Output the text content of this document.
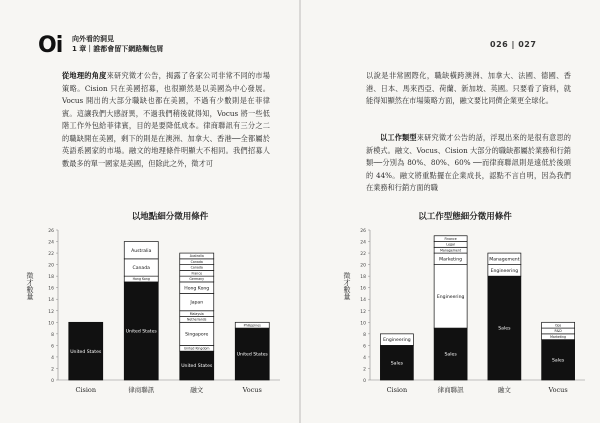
Oi 向外看的洞見
1 章｜誰都會留下網路麵包屑	026 | 027
從地理的角度來研究徵才公告，揭露了各家公司非常不同的市場策略。Cision 只在美國招募，也很顯然是以美國為中心發展。Vocus 開出的大部分職缺也都在美國，不過有少數則是在菲律賓。這讓我們大感訝異，不過我們稍後就得知，Vocus 將一些低階工作外包給菲律賓，目的是要降低成本。律商聯訊有三分之二的職缺開在美國，剩下的則是在澳洲、加拿大、香港──全都屬於英語系國家的市場。融文的地理條件明顯大不相同。我們招募人數最多的單一國家是美國，但除此之外，徵才可
以說是非常國際化，職缺橫跨澳洲、加拿大、法國、德國、香港、日本、馬來西亞、荷蘭、新加坡、英國。只要看了資料，就能得知顯然在市場策略方面，融文要比同儕企業更全球化。
以工作類型來研究徵才公告的話，浮現出來的是很有意思的新模式。融文、Vocus、Cision 大部分的職缺都屬於業務和行銷類──分別為 80%、80%、60% ──而律商聯訊則是遠低於後頭的 44%。融文將重點擺在企業成長，認點不言自明，因為我們在業務和行銷方面的職
以地點細分徵用條件
徵才數量
0
2
4
6
8
10
12
14
16
18
20
22
24
26
United States
Cision
United States
Hong Kong
Canada
Australia
律商聯訊
United States
United Kingdom
Singapore
Netherlands
Malaysia
Japan
Hong Kong
Germany
France
Canada
Canada
Australia
融文
United States
Philippines
Vocus
以工作型態細分徵用條件
徵才數量
0
2
4
6
8
10
12
14
16
18
20
22
24
26
Sales
Engineering
Cision
Sales
Engineering
Marketing
Management
Legal
Finance
律商聯訊
Sales
Engineering
Management
融文
Sales
Marketing
R&D
Ops
Vocus
